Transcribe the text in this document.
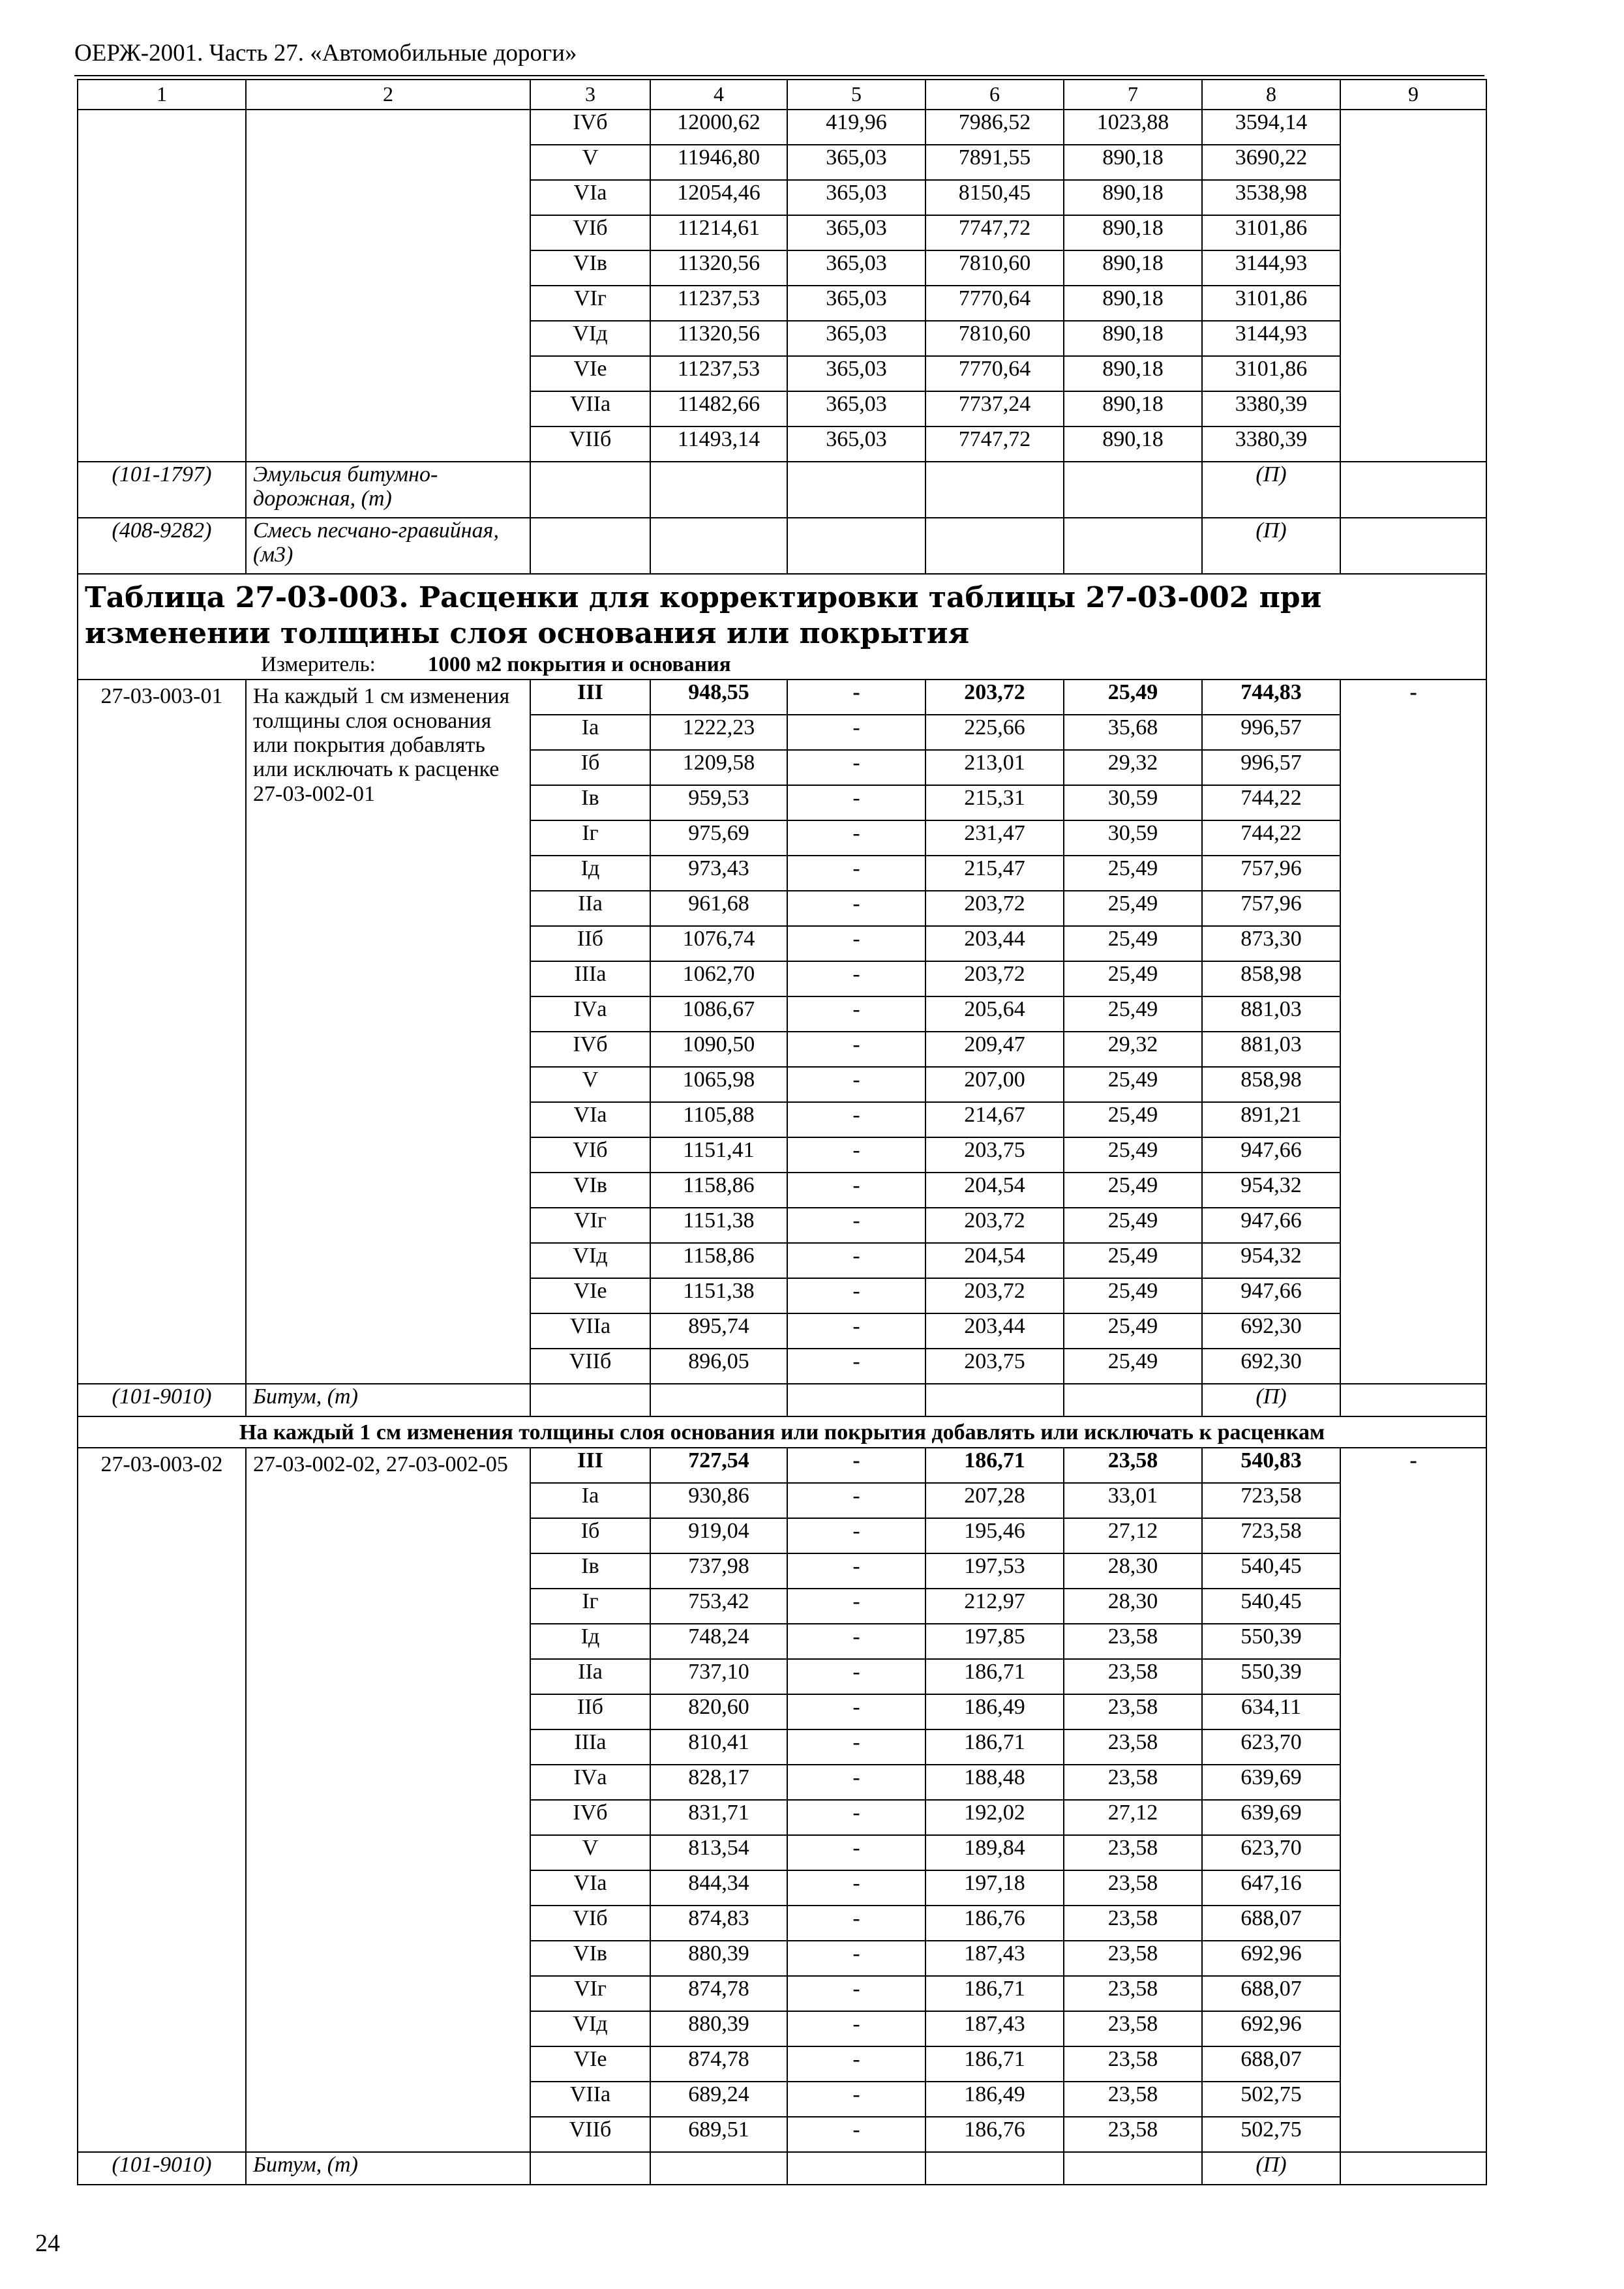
ОЕРЖ-2001. Часть 27. «Автомобильные дороги»
1	2	3	4	5	6	7	8	9
		IVб	12000,62	419,96	7986,52	1023,88	3594,14	
		V	11946,80	365,03	7891,55	890,18	3690,22	
		VIа	12054,46	365,03	8150,45	890,18	3538,98	
		VIб	11214,61	365,03	7747,72	890,18	3101,86	
		VIв	11320,56	365,03	7810,60	890,18	3144,93	
		VIг	11237,53	365,03	7770,64	890,18	3101,86	
		VIд	11320,56	365,03	7810,60	890,18	3144,93	
		VIе	11237,53	365,03	7770,64	890,18	3101,86	
		VIIа	11482,66	365,03	7737,24	890,18	3380,39	
		VIIб	11493,14	365,03	7747,72	890,18	3380,39	
(101-1797)	Эмульсия битумно-дорожная, (т)						(П)	
(408-9282)	Смесь песчано-гравийная, (м3)						(П)	

Таблица 27-03-003. Расценки для корректировки таблицы 27-03-002 при изменении толщины слоя основания или покрытия
Измеритель: 1000 м2 покрытия и основания								

27-03-003-01	На каждый 1 см изменения толщины слоя основания или покрытия добавлять или исключать к расценке 27-03-002-01	III	948,55	-	203,72	25,49	744,83	-
		Iа	1222,23	-	225,66	35,68	996,57	
		Iб	1209,58	-	213,01	29,32	996,57	
		Iв	959,53	-	215,31	30,59	744,22	
		Iг	975,69	-	231,47	30,59	744,22	
		Iд	973,43	-	215,47	25,49	757,96	
		IIа	961,68	-	203,72	25,49	757,96	
		IIб	1076,74	-	203,44	25,49	873,30	
		IIIа	1062,70	-	203,72	25,49	858,98	
		IVа	1086,67	-	205,64	25,49	881,03	
		IVб	1090,50	-	209,47	29,32	881,03	
		V	1065,98	-	207,00	25,49	858,98	
		VIа	1105,88	-	214,67	25,49	891,21	
		VIб	1151,41	-	203,75	25,49	947,66	
		VIв	1158,86	-	204,54	25,49	954,32	
		VIг	1151,38	-	203,72	25,49	947,66	
		VIд	1158,86	-	204,54	25,49	954,32	
		VIе	1151,38	-	203,72	25,49	947,66	
		VIIа	895,74	-	203,44	25,49	692,30	
		VIIб	896,05	-	203,75	25,49	692,30	
(101-9010)	Битум, (т)						(П)	
На каждый 1 см изменения толщины слоя основания или покрытия добавлять или исключать к расценкам								
27-03-003-02	27-03-002-02, 27-03-002-05	III	727,54	-	186,71	23,58	540,83	-
		Iа	930,86	-	207,28	33,01	723,58	
		Iб	919,04	-	195,46	27,12	723,58	
		Iв	737,98	-	197,53	28,30	540,45	
		Iг	753,42	-	212,97	28,30	540,45	
		Iд	748,24	-	197,85	23,58	550,39	
		IIа	737,10	-	186,71	23,58	550,39	
		IIб	820,60	-	186,49	23,58	634,11	
		IIIа	810,41	-	186,71	23,58	623,70	
		IVа	828,17	-	188,48	23,58	639,69	
		IVб	831,71	-	192,02	27,12	639,69	
		V	813,54	-	189,84	23,58	623,70	
		VIа	844,34	-	197,18	23,58	647,16	
		VIб	874,83	-	186,76	23,58	688,07	
		VIв	880,39	-	187,43	23,58	692,96	
		VIг	874,78	-	186,71	23,58	688,07	
		VIд	880,39	-	187,43	23,58	692,96	
		VIе	874,78	-	186,71	23,58	688,07	
		VIIа	689,24	-	186,49	23,58	502,75	
		VIIб	689,51	-	186,76	23,58	502,75	
(101-9010)	Битум, (т)						(П)	
24
